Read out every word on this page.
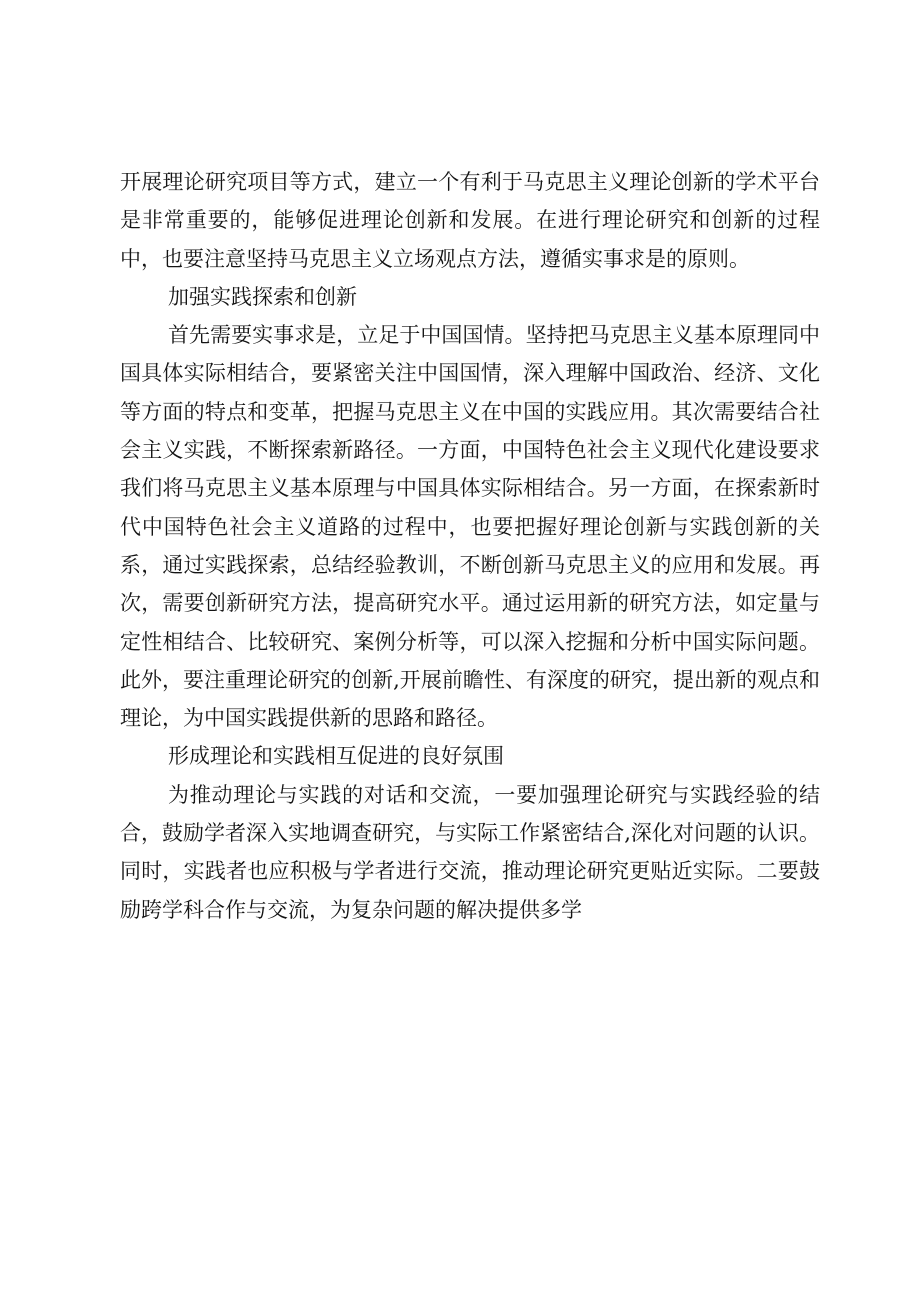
开展理论研究项目等方式，建立一个有利于马克思主义理论创新的学术平台是非常重要的，能够促进理论创新和发展。在进行理论研究和创新的过程中，也要注意坚持马克思主义立场观点方法，遵循实事求是的原则。

加强实践探索和创新

首先需要实事求是，立足于中国国情。坚持把马克思主义基本原理同中国具体实际相结合，要紧密关注中国国情，深入理解中国政治、经济、文化等方面的特点和变革，把握马克思主义在中国的实践应用。其次需要结合社会主义实践，不断探索新路径。一方面，中国特色社会主义现代化建设要求我们将马克思主义基本原理与中国具体实际相结合。另一方面，在探索新时代中国特色社会主义道路的过程中，也要把握好理论创新与实践创新的关系，通过实践探索，总结经验教训，不断创新马克思主义的应用和发展。再次，需要创新研究方法，提高研究水平。通过运用新的研究方法，如定量与定性相结合、比较研究、案例分析等，可以深入挖掘和分析中国实际问题。此外，要注重理论研究的创新,开展前瞻性、有深度的研究，提出新的观点和理论，为中国实践提供新的思路和路径。

形成理论和实践相互促进的良好氛围

为推动理论与实践的对话和交流，一要加强理论研究与实践经验的结合，鼓励学者深入实地调查研究，与实际工作紧密结合,深化对问题的认识。同时，实践者也应积极与学者进行交流，推动理论研究更贴近实际。二要鼓励跨学科合作与交流，为复杂问题的解决提供多学
